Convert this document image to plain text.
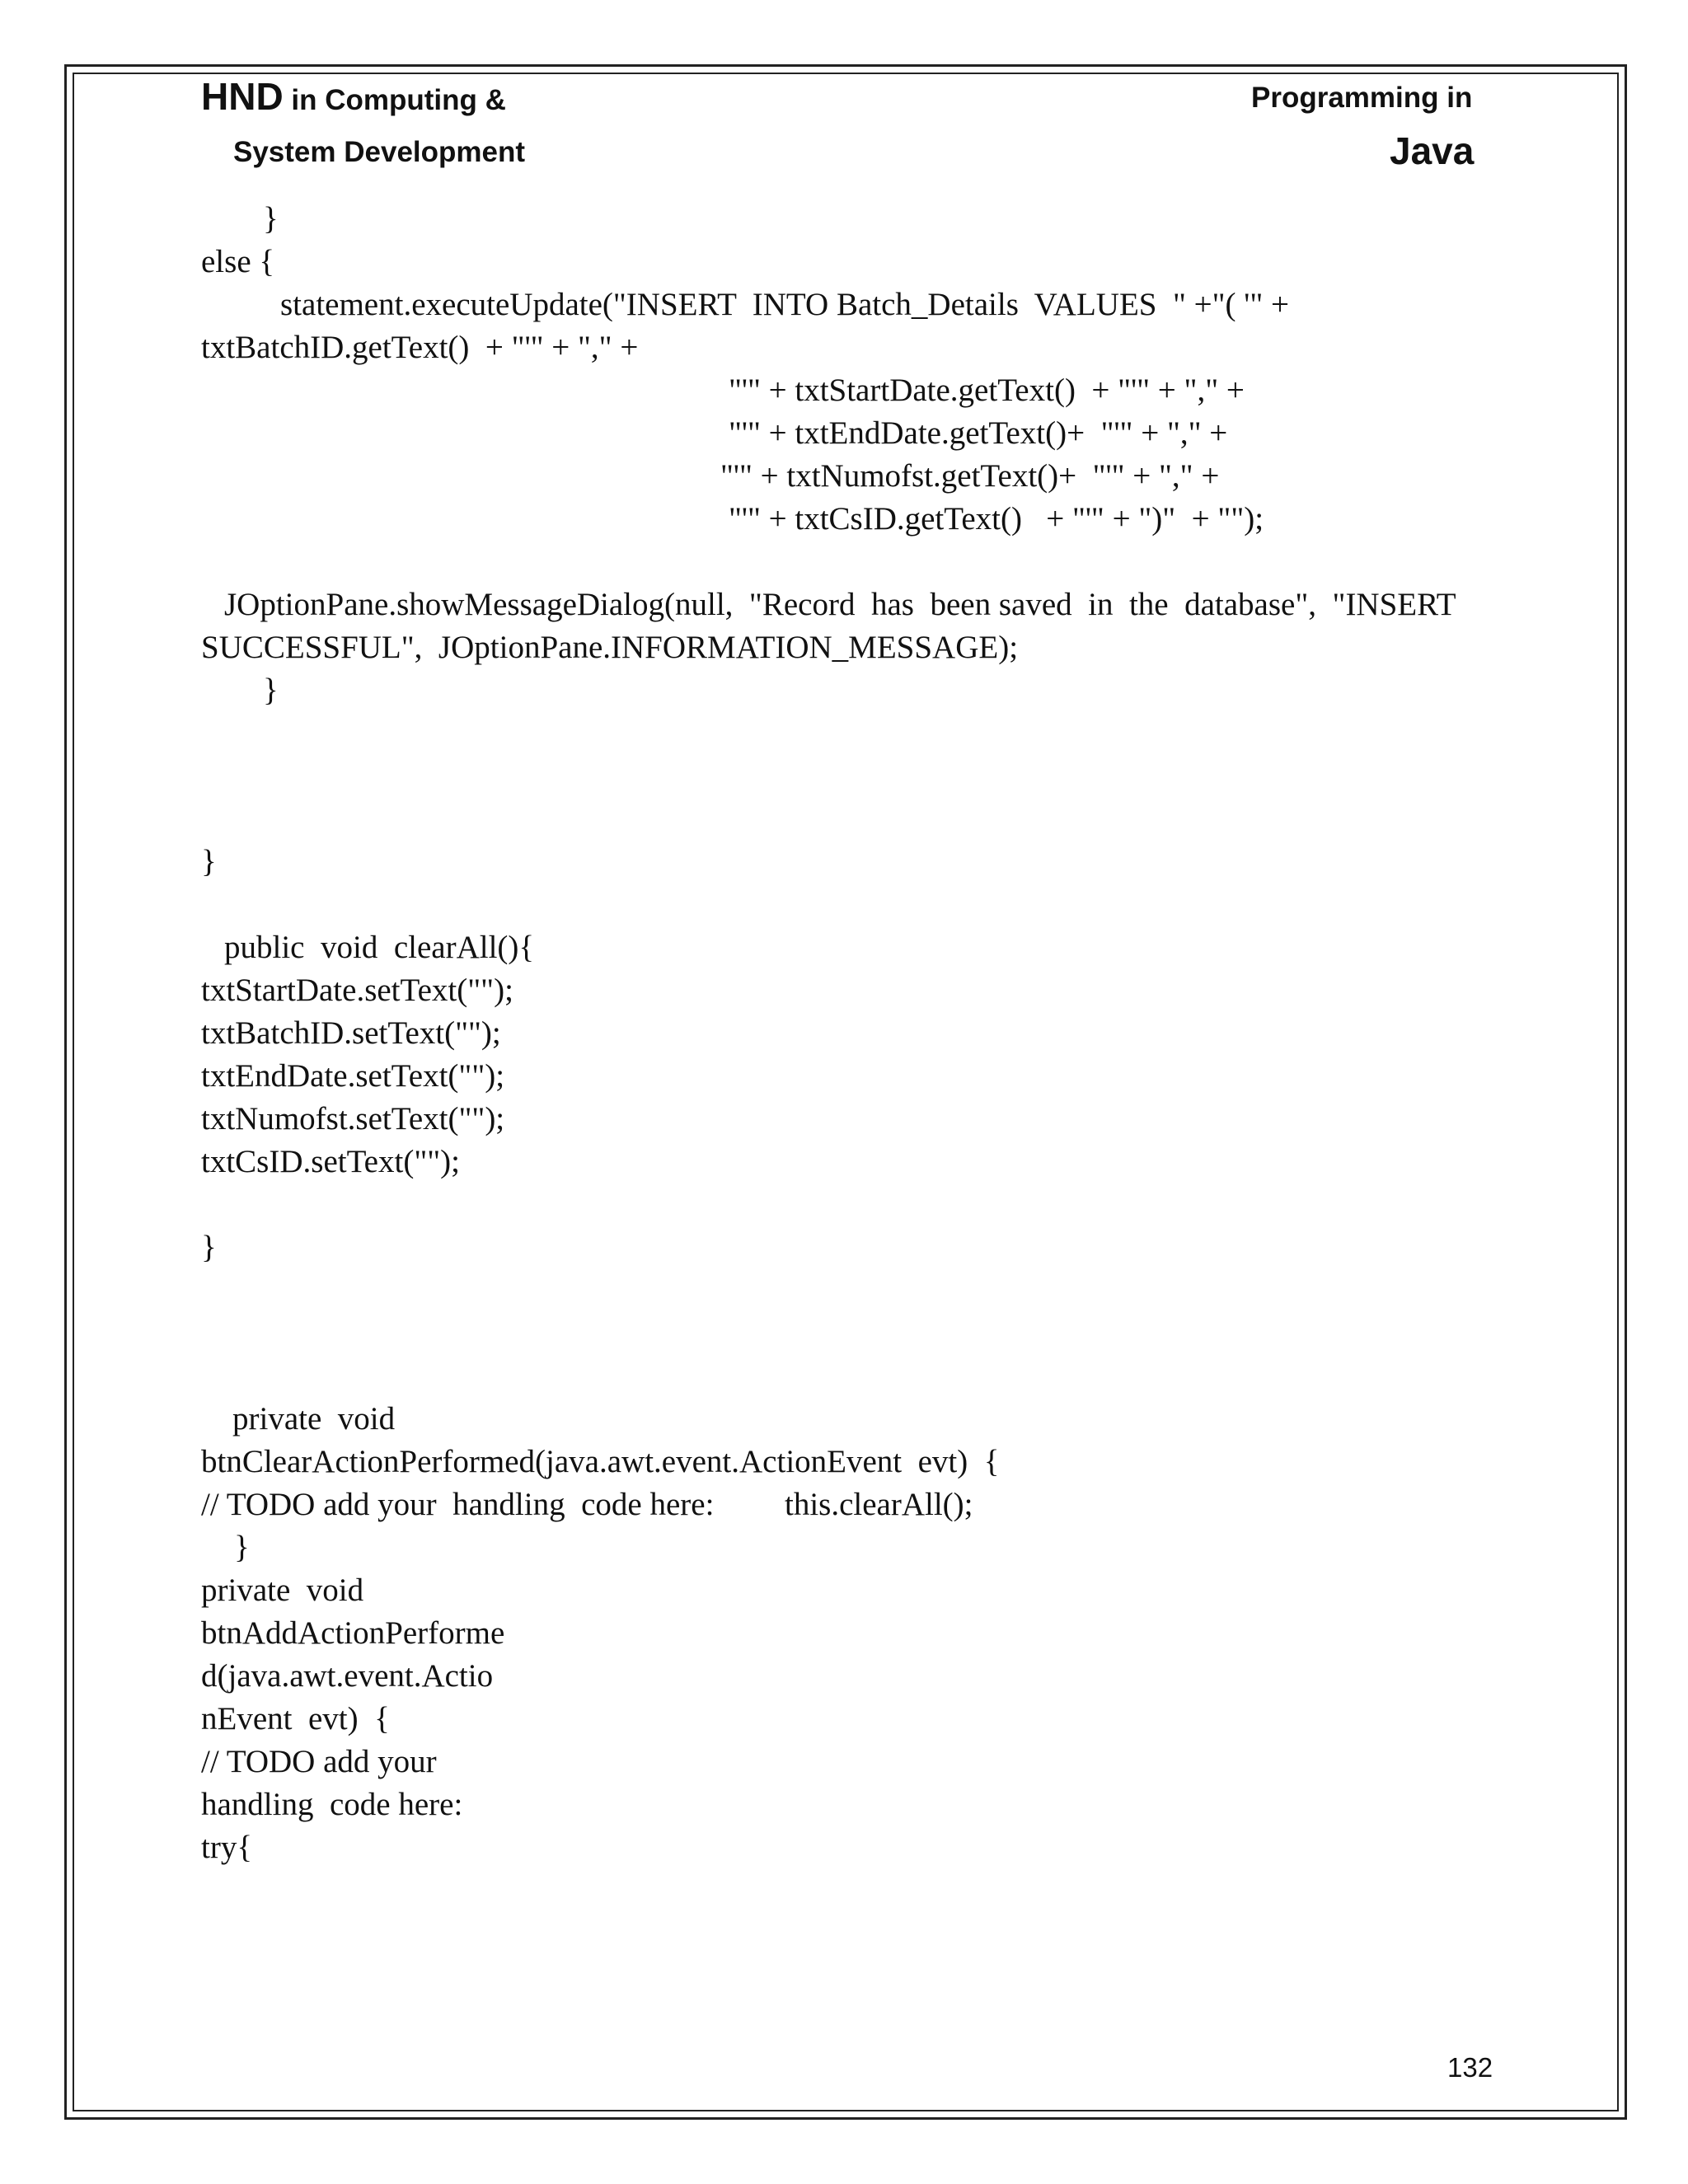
HND in Computing &
System Development
Programming in
Java
}
else {
statement.executeUpdate("INSERT  INTO Batch_Details  VALUES  " +"( '" +
txtBatchID.getText()  + "'" + "," +
"'" + txtStartDate.getText()  + "'" + "," +
"'" + txtEndDate.getText()+  "'" + "," +
"'" + txtNumofst.getText()+  "'" + "," +
"'" + txtCsID.getText()   + "'" + ")"  + "");
JOptionPane.showMessageDialog(null,  "Record  has  been saved  in  the  database",  "INSERT
SUCCESSFUL",  JOptionPane.INFORMATION_MESSAGE);
}
}
public  void  clearAll(){
txtStartDate.setText("");
txtBatchID.setText("");
txtEndDate.setText("");
txtNumofst.setText("");
txtCsID.setText("");
}
private  void
btnClearActionPerformed(java.awt.event.ActionEvent  evt)  {
// TODO add your  handling  code here: this.clearAll();
}
private  void
btnAddActionPerforme
d(java.awt.event.Actio
nEvent  evt)  {
// TODO add your
handling  code here:
try{
132
